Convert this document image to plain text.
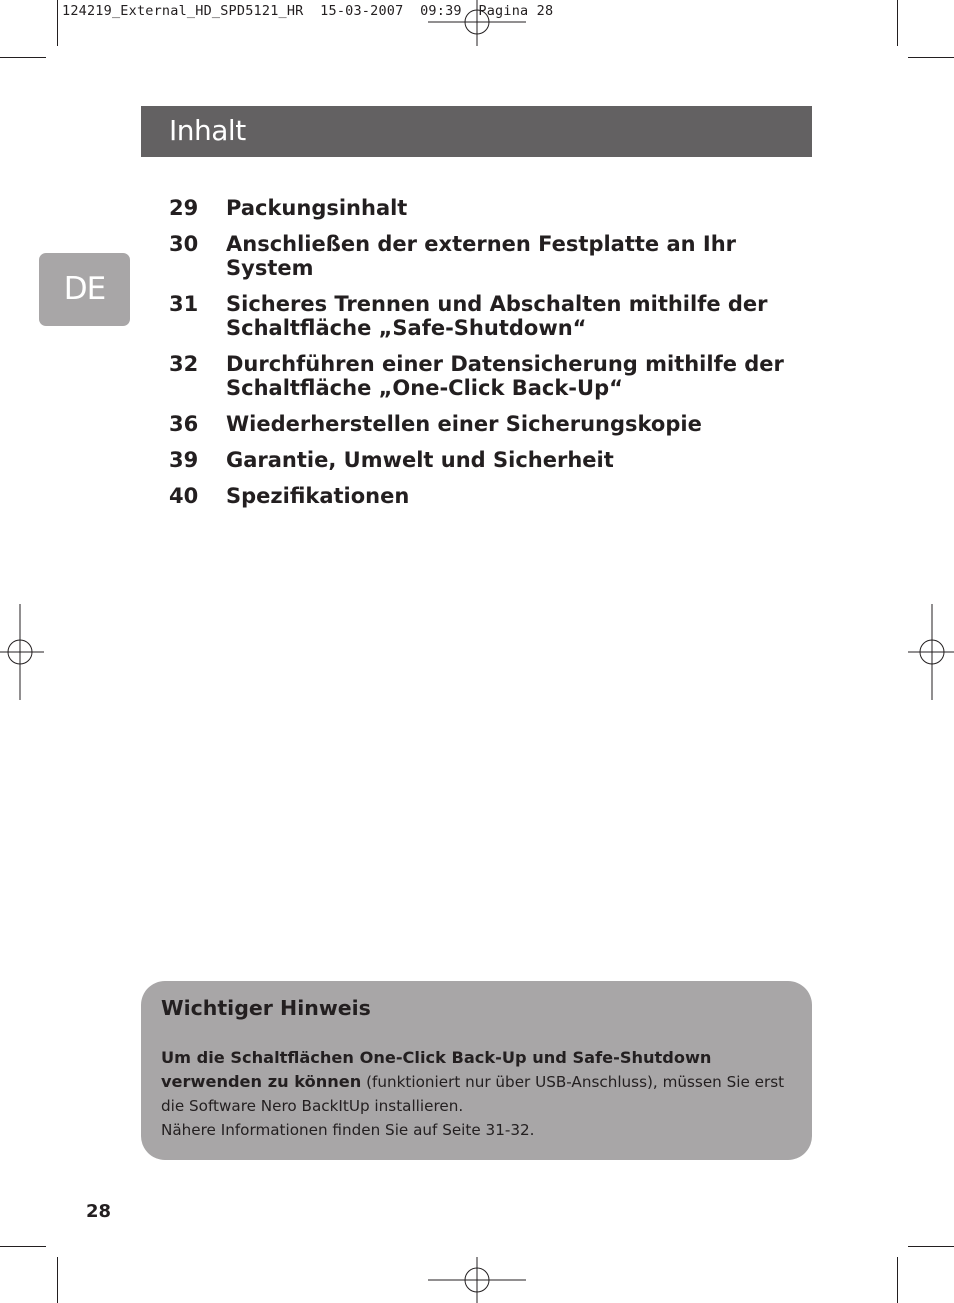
124219_External_HD_SPD5121_HR  15-03-2007  09:39  Pagina 28
Inhalt
DE
29	Packungsinhalt
30	Anschließen der externen Festplatte an Ihr System
31	Sicheres Trennen und Abschalten mithilfe der Schaltfläche „Safe-Shutdown“
32	Durchführen einer Datensicherung mithilfe der Schaltfläche „One-Click Back-Up“
36	Wiederherstellen einer Sicherungskopie
39	Garantie, Umwelt und Sicherheit
40	Spezifikationen
Wichtiger Hinweis
Um die Schaltflächen One-Click Back-Up und Safe-Shutdown verwenden zu können (funktioniert nur über USB-Anschluss), müssen Sie erst die Software Nero BackItUp installieren.
Nähere Informationen finden Sie auf Seite 31-32.
28
